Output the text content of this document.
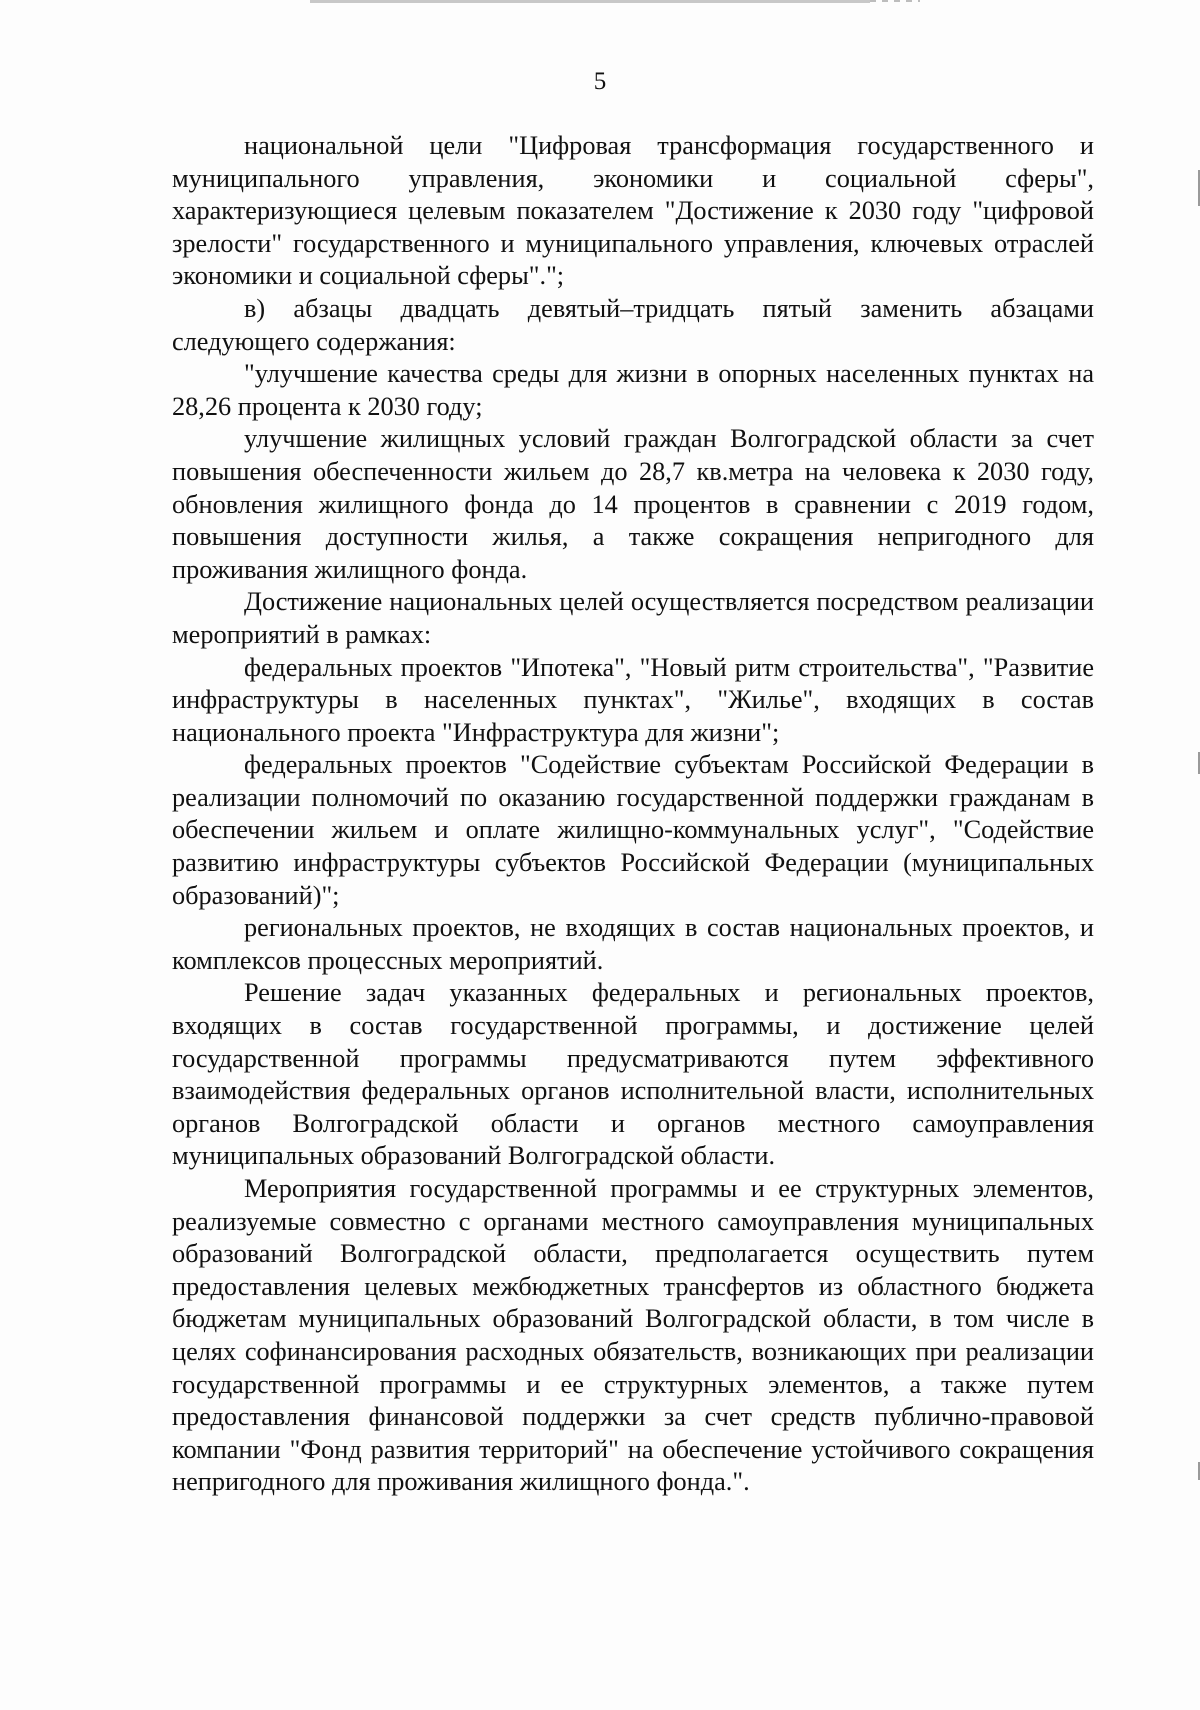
5

национальной цели "Цифровая трансформация государственного и муниципального управления, экономики и социальной сферы", характеризующиеся целевым показателем "Достижение к 2030 году "цифровой зрелости" государственного и муниципального управления, ключевых отраслей экономики и социальной сферы".";

в) абзацы двадцать девятый–тридцать пятый заменить абзацами следующего содержания:

"улучшение качества среды для жизни в опорных населенных пунктах на 28,26 процента к 2030 году;

улучшение жилищных условий граждан Волгоградской области за счет повышения обеспеченности жильем до 28,7 кв.метра на человека к 2030 году, обновления жилищного фонда до 14 процентов в сравнении с 2019 годом, повышения доступности жилья, а также сокращения непригодного для проживания жилищного фонда.

Достижение национальных целей осуществляется посредством реализации мероприятий в рамках:

федеральных проектов "Ипотека", "Новый ритм строительства", "Развитие инфраструктуры в населенных пунктах", "Жилье", входящих в состав национального проекта "Инфраструктура для жизни";

федеральных проектов "Содействие субъектам Российской Федерации в реализации полномочий по оказанию государственной поддержки гражданам в обеспечении жильем и оплате жилищно-коммунальных услуг", "Содействие развитию инфраструктуры субъектов Российской Федерации (муниципальных образований)";

региональных проектов, не входящих в состав национальных проектов, и комплексов процессных мероприятий.

Решение задач указанных федеральных и региональных проектов, входящих в состав государственной программы, и достижение целей государственной программы предусматриваются путем эффективного взаимодействия федеральных органов исполнительной власти, исполнительных органов Волгоградской области и органов местного самоуправления муниципальных образований Волгоградской области.

Мероприятия государственной программы и ее структурных элементов, реализуемые совместно с органами местного самоуправления муниципальных образований Волгоградской области, предполагается осуществить путем предоставления целевых межбюджетных трансфертов из областного бюджета бюджетам муниципальных образований Волгоградской области, в том числе в целях софинансирования расходных обязательств, возникающих при реализации государственной программы и ее структурных элементов, а также путем предоставления финансовой поддержки за счет средств публично-правовой компании "Фонд развития территорий" на обеспечение устойчивого сокращения непригодного для проживания жилищного фонда.".
